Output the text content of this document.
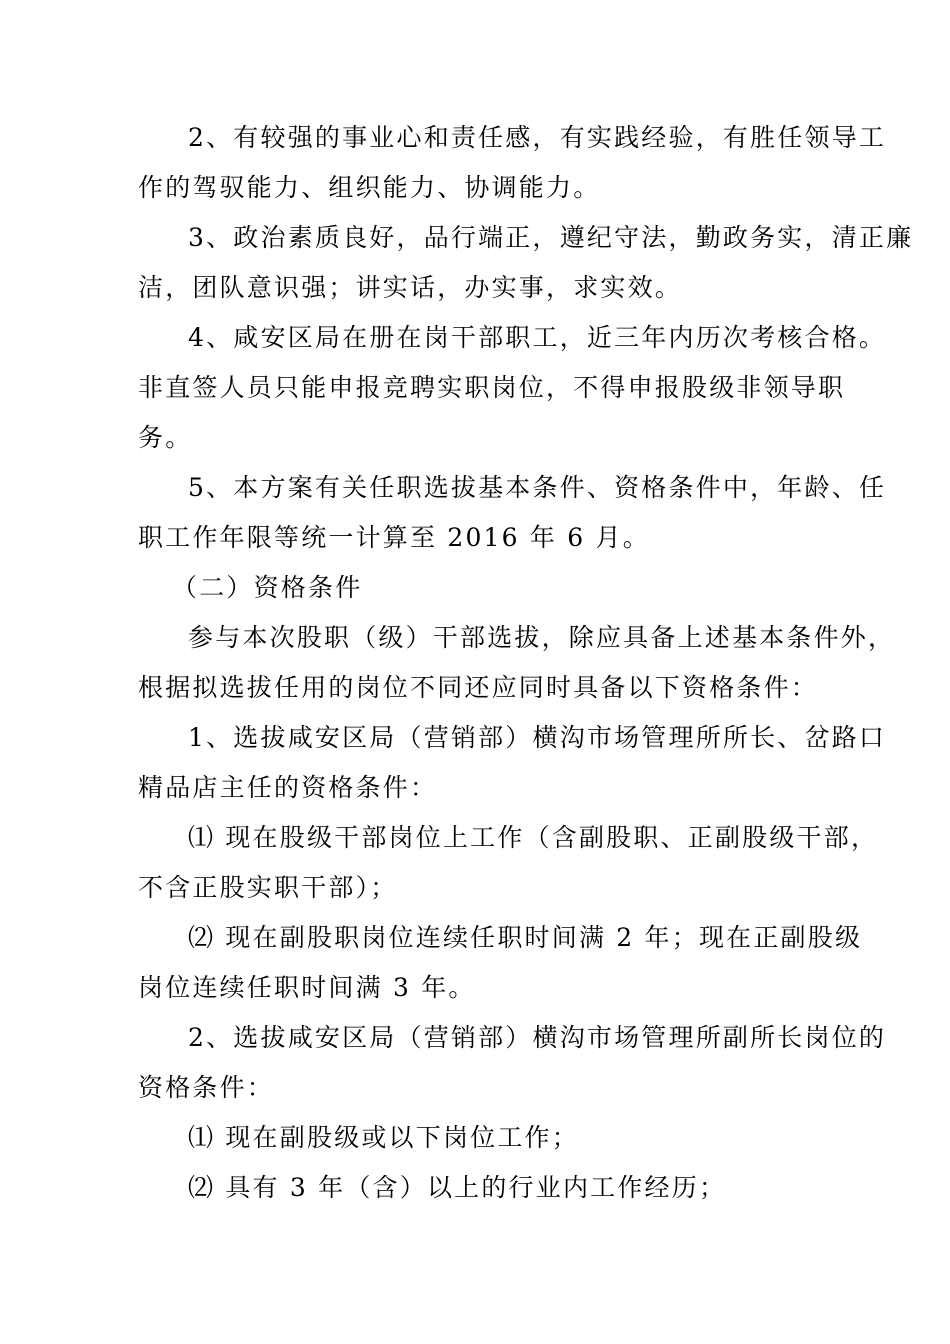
2、有较强的事业心和责任感，有实践经验，有胜任领导工
作的驾驭能力、组织能力、协调能力。
3、政治素质良好，品行端正，遵纪守法，勤政务实，清正廉
洁，团队意识强；讲实话，办实事，求实效。
4、咸安区局在册在岗干部职工，近三年内历次考核合格。
非直签人员只能申报竞聘实职岗位，不得申报股级非领导职
务。
5、本方案有关任职选拔基本条件、资格条件中，年龄、任
职工作年限等统一计算至 2016 年 6 月。
（二）资格条件
参与本次股职（级）干部选拔，除应具备上述基本条件外，
根据拟选拔任用的岗位不同还应同时具备以下资格条件：
1、选拔咸安区局（营销部）横沟市场管理所所长、岔路口
精品店主任的资格条件：
⑴ 现在股级干部岗位上工作（含副股职、正副股级干部，
不含正股实职干部）；
⑵ 现在副股职岗位连续任职时间满 2 年；现在正副股级
岗位连续任职时间满 3 年。
2、选拔咸安区局（营销部）横沟市场管理所副所长岗位的
资格条件：
⑴ 现在副股级或以下岗位工作；
⑵ 具有 3 年（含）以上的行业内工作经历；
